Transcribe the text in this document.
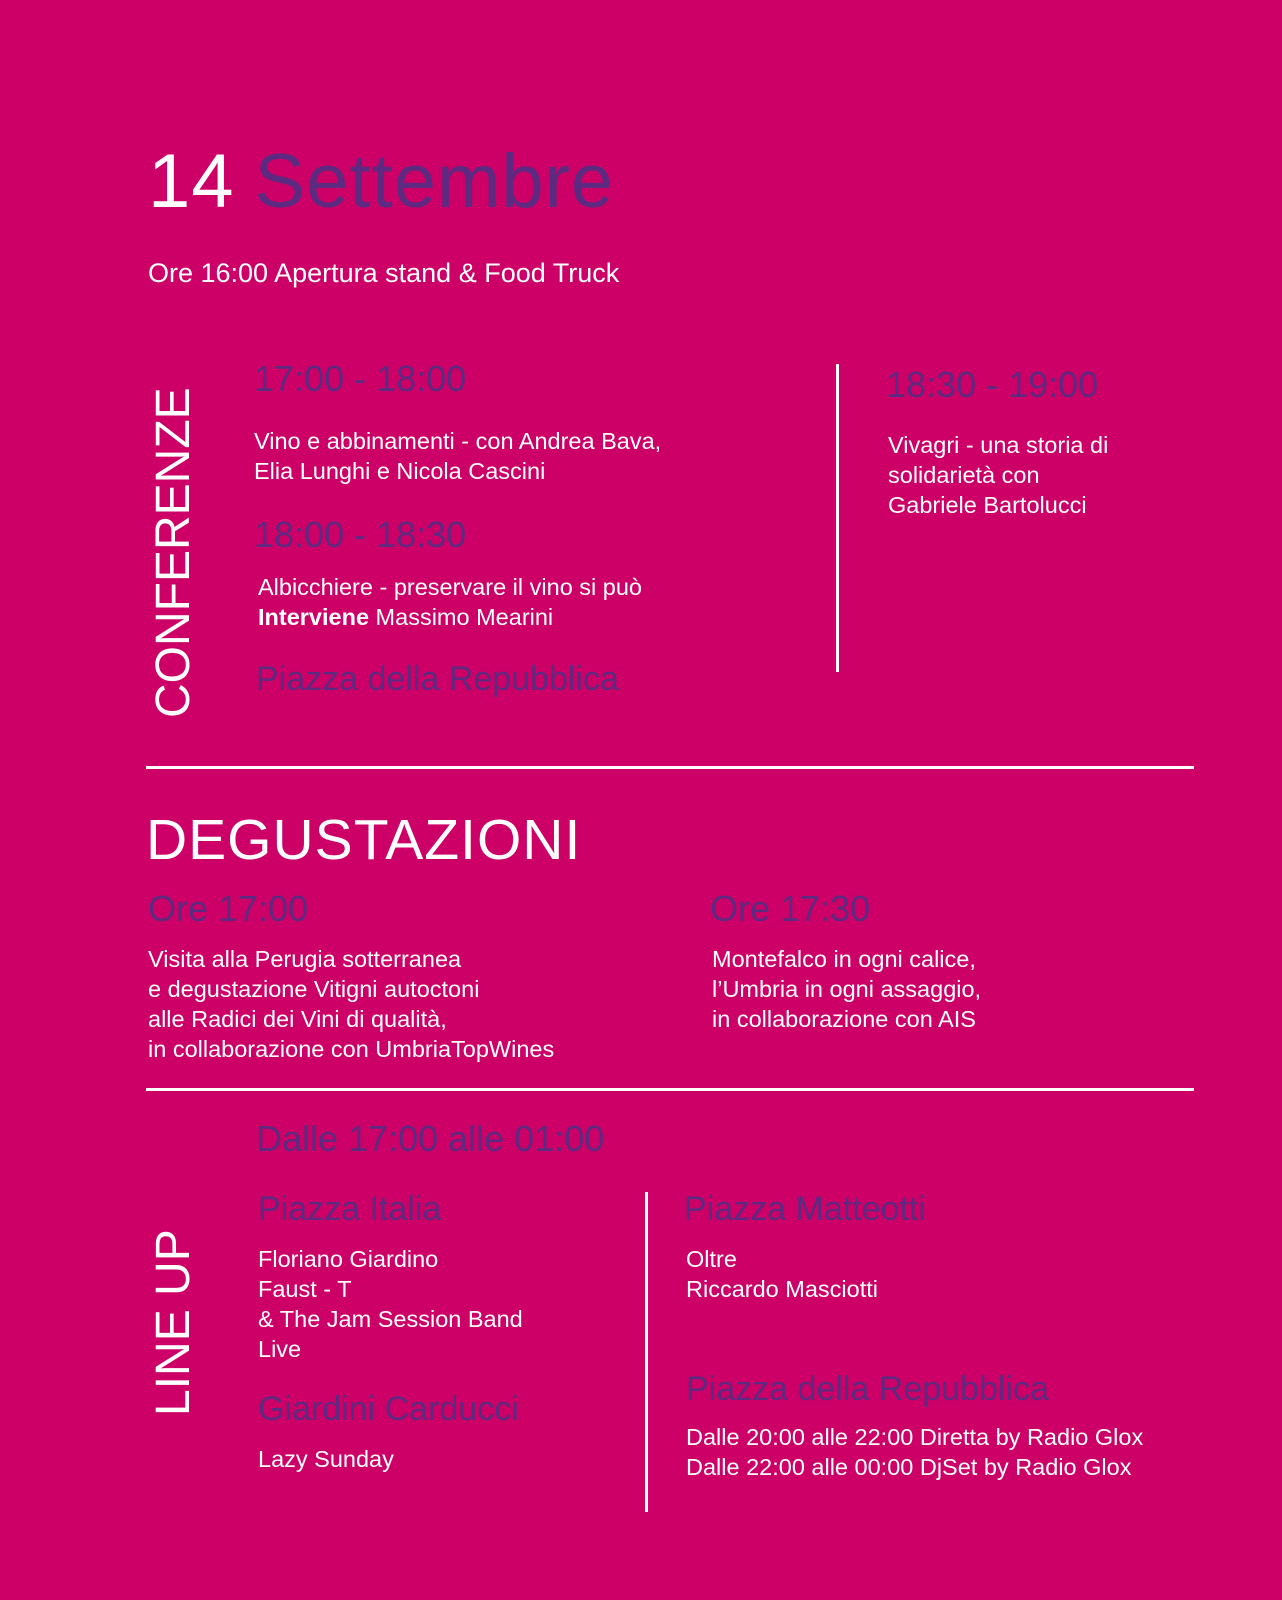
14 Settembre
Ore 16:00 Apertura stand & Food Truck
CONFERENZE
17:00 - 18:00
Vino e abbinamenti - con Andrea Bava,
Elia Lunghi e Nicola Cascini
18:00 - 18:30
Albicchiere - preservare il vino si può
Interviene Massimo Mearini
Piazza della Repubblica
18:30 - 19:00
Vivagri - una storia di
solidarietà con
Gabriele Bartolucci
DEGUSTAZIONI
Ore 17:00
Visita alla Perugia sotterranea
e degustazione Vitigni autoctoni
alle Radici dei Vini di qualità,
in collaborazione con UmbriaTopWines
Ore 17:30
Montefalco in ogni calice,
l’Umbria in ogni assaggio,
in collaborazione con AIS
LINE UP
Dalle 17:00 alle 01:00
Piazza Italia
Floriano Giardino
Faust - T
& The Jam Session Band
Live
Giardini Carducci
Lazy Sunday
Piazza Matteotti
Oltre
Riccardo Masciotti
Piazza della Repubblica
Dalle 20:00 alle 22:00 Diretta by Radio Glox
Dalle 22:00 alle 00:00 DjSet by Radio Glox
